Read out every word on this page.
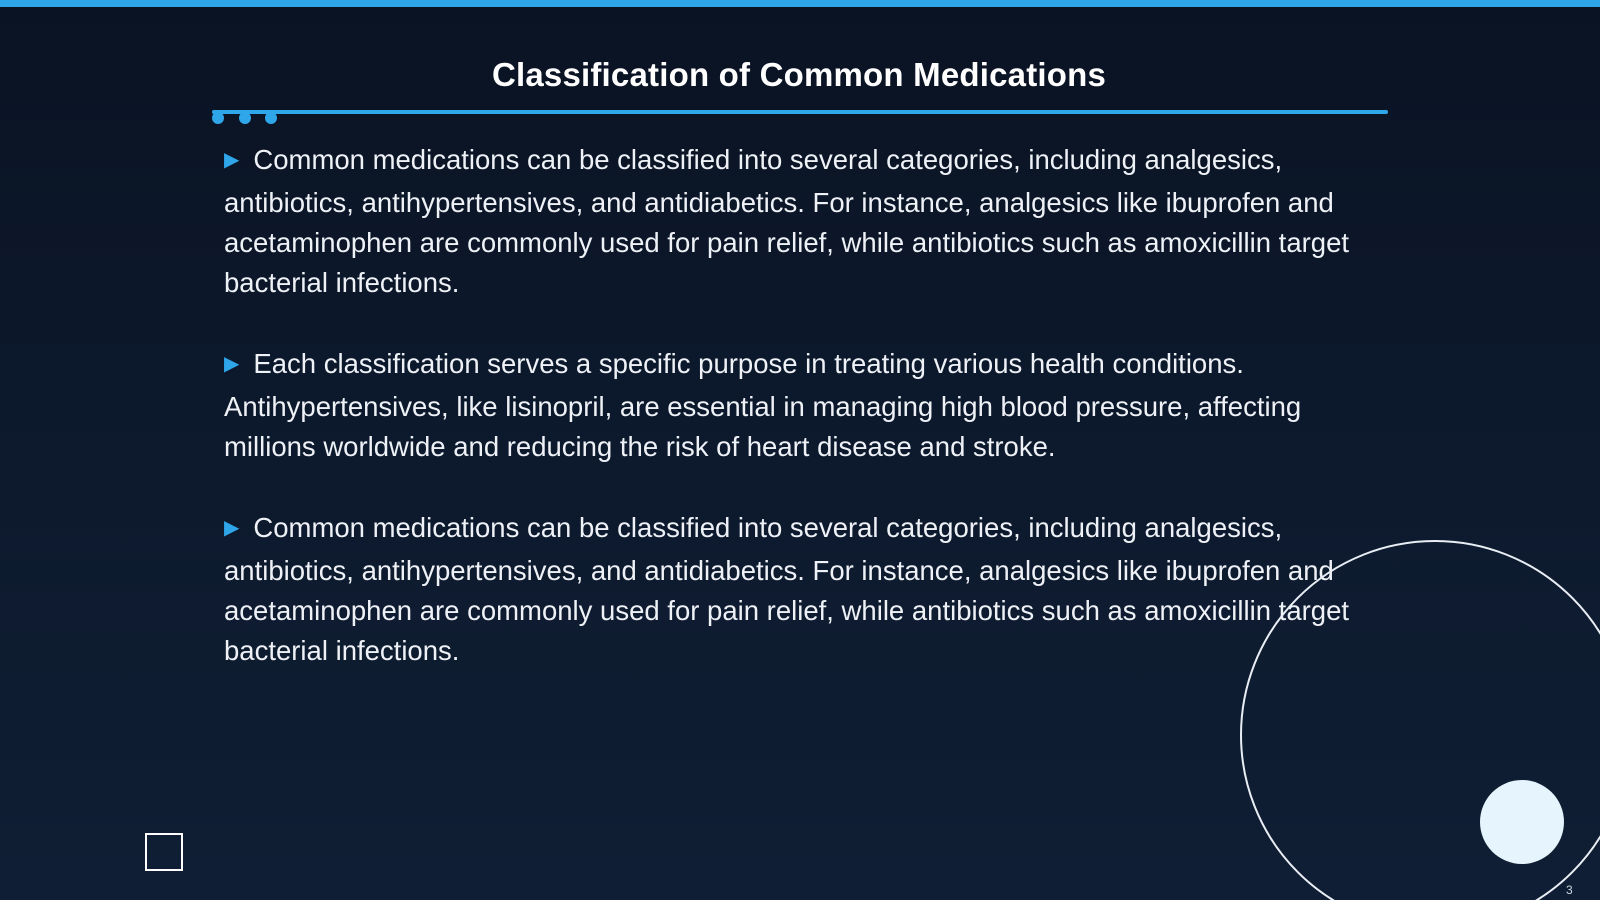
Classification of Common Medications

▶ Common medications can be classified into several categories, including analgesics, antibiotics, antihypertensives, and antidiabetics. For instance, analgesics like ibuprofen and acetaminophen are commonly used for pain relief, while antibiotics such as amoxicillin target bacterial infections.

▶ Each classification serves a specific purpose in treating various health conditions. Antihypertensives, like lisinopril, are essential in managing high blood pressure, affecting millions worldwide and reducing the risk of heart disease and stroke.

▶ Common medications can be classified into several categories, including analgesics, antibiotics, antihypertensives, and antidiabetics. For instance, analgesics like ibuprofen and acetaminophen are commonly used for pain relief, while antibiotics such as amoxicillin target bacterial infections.

3
